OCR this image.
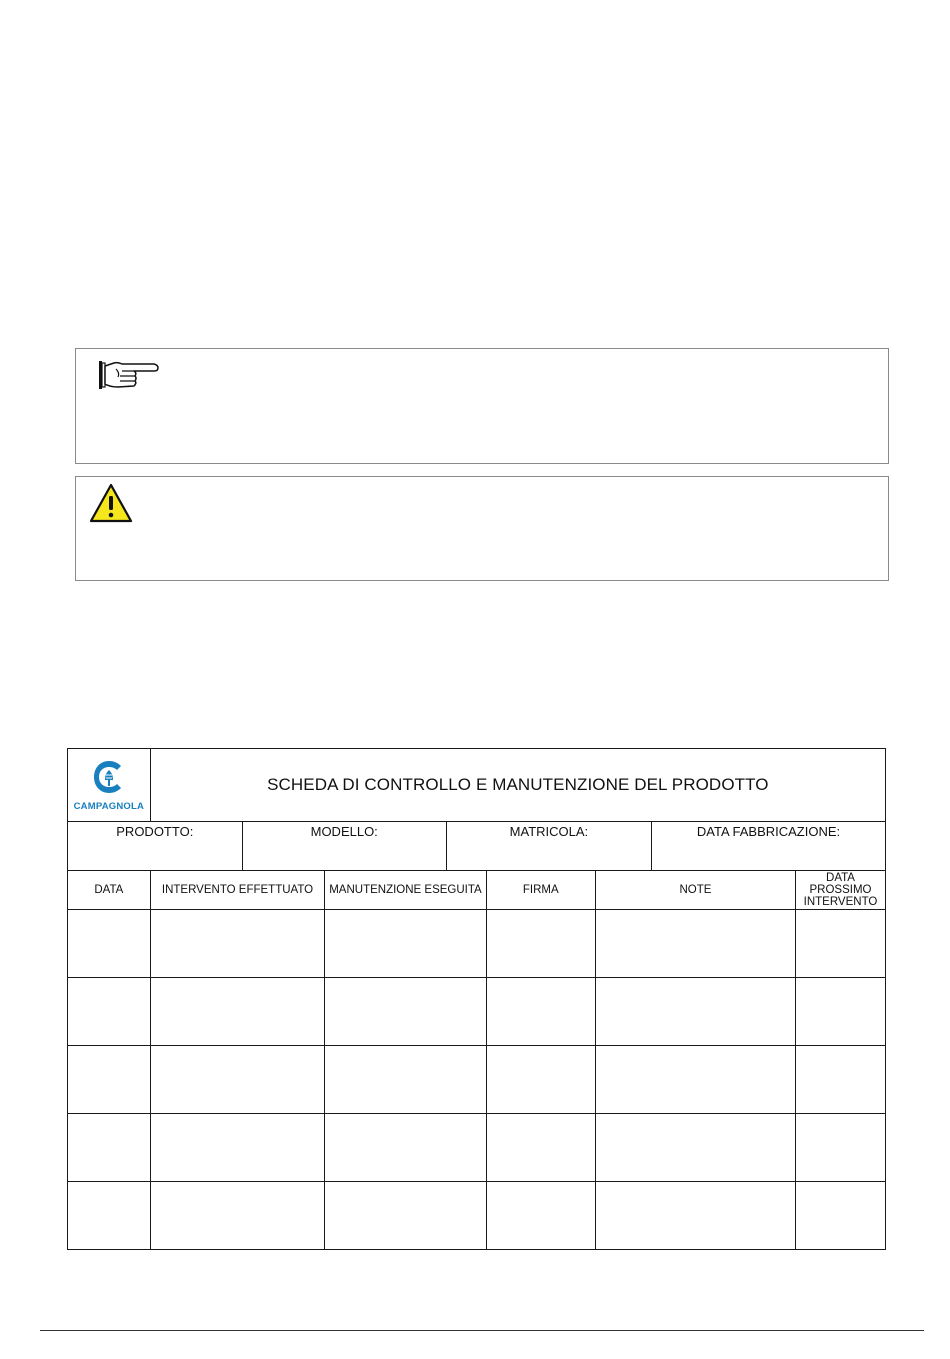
CAMPAGNOLA	SCHEDA DI CONTROLLO E MANUTENZIONE DEL PRODOTTO							
PRODOTTO:		MODELLO:		MATRICOLA:			DATA FABBRICAZIONE:	
DATA	INTERVENTO EFFETTUATO		MANUTENZIONE ESEGUITA		FIRMA	NOTE		DATA
PROSSIMO
INTERVENTO
